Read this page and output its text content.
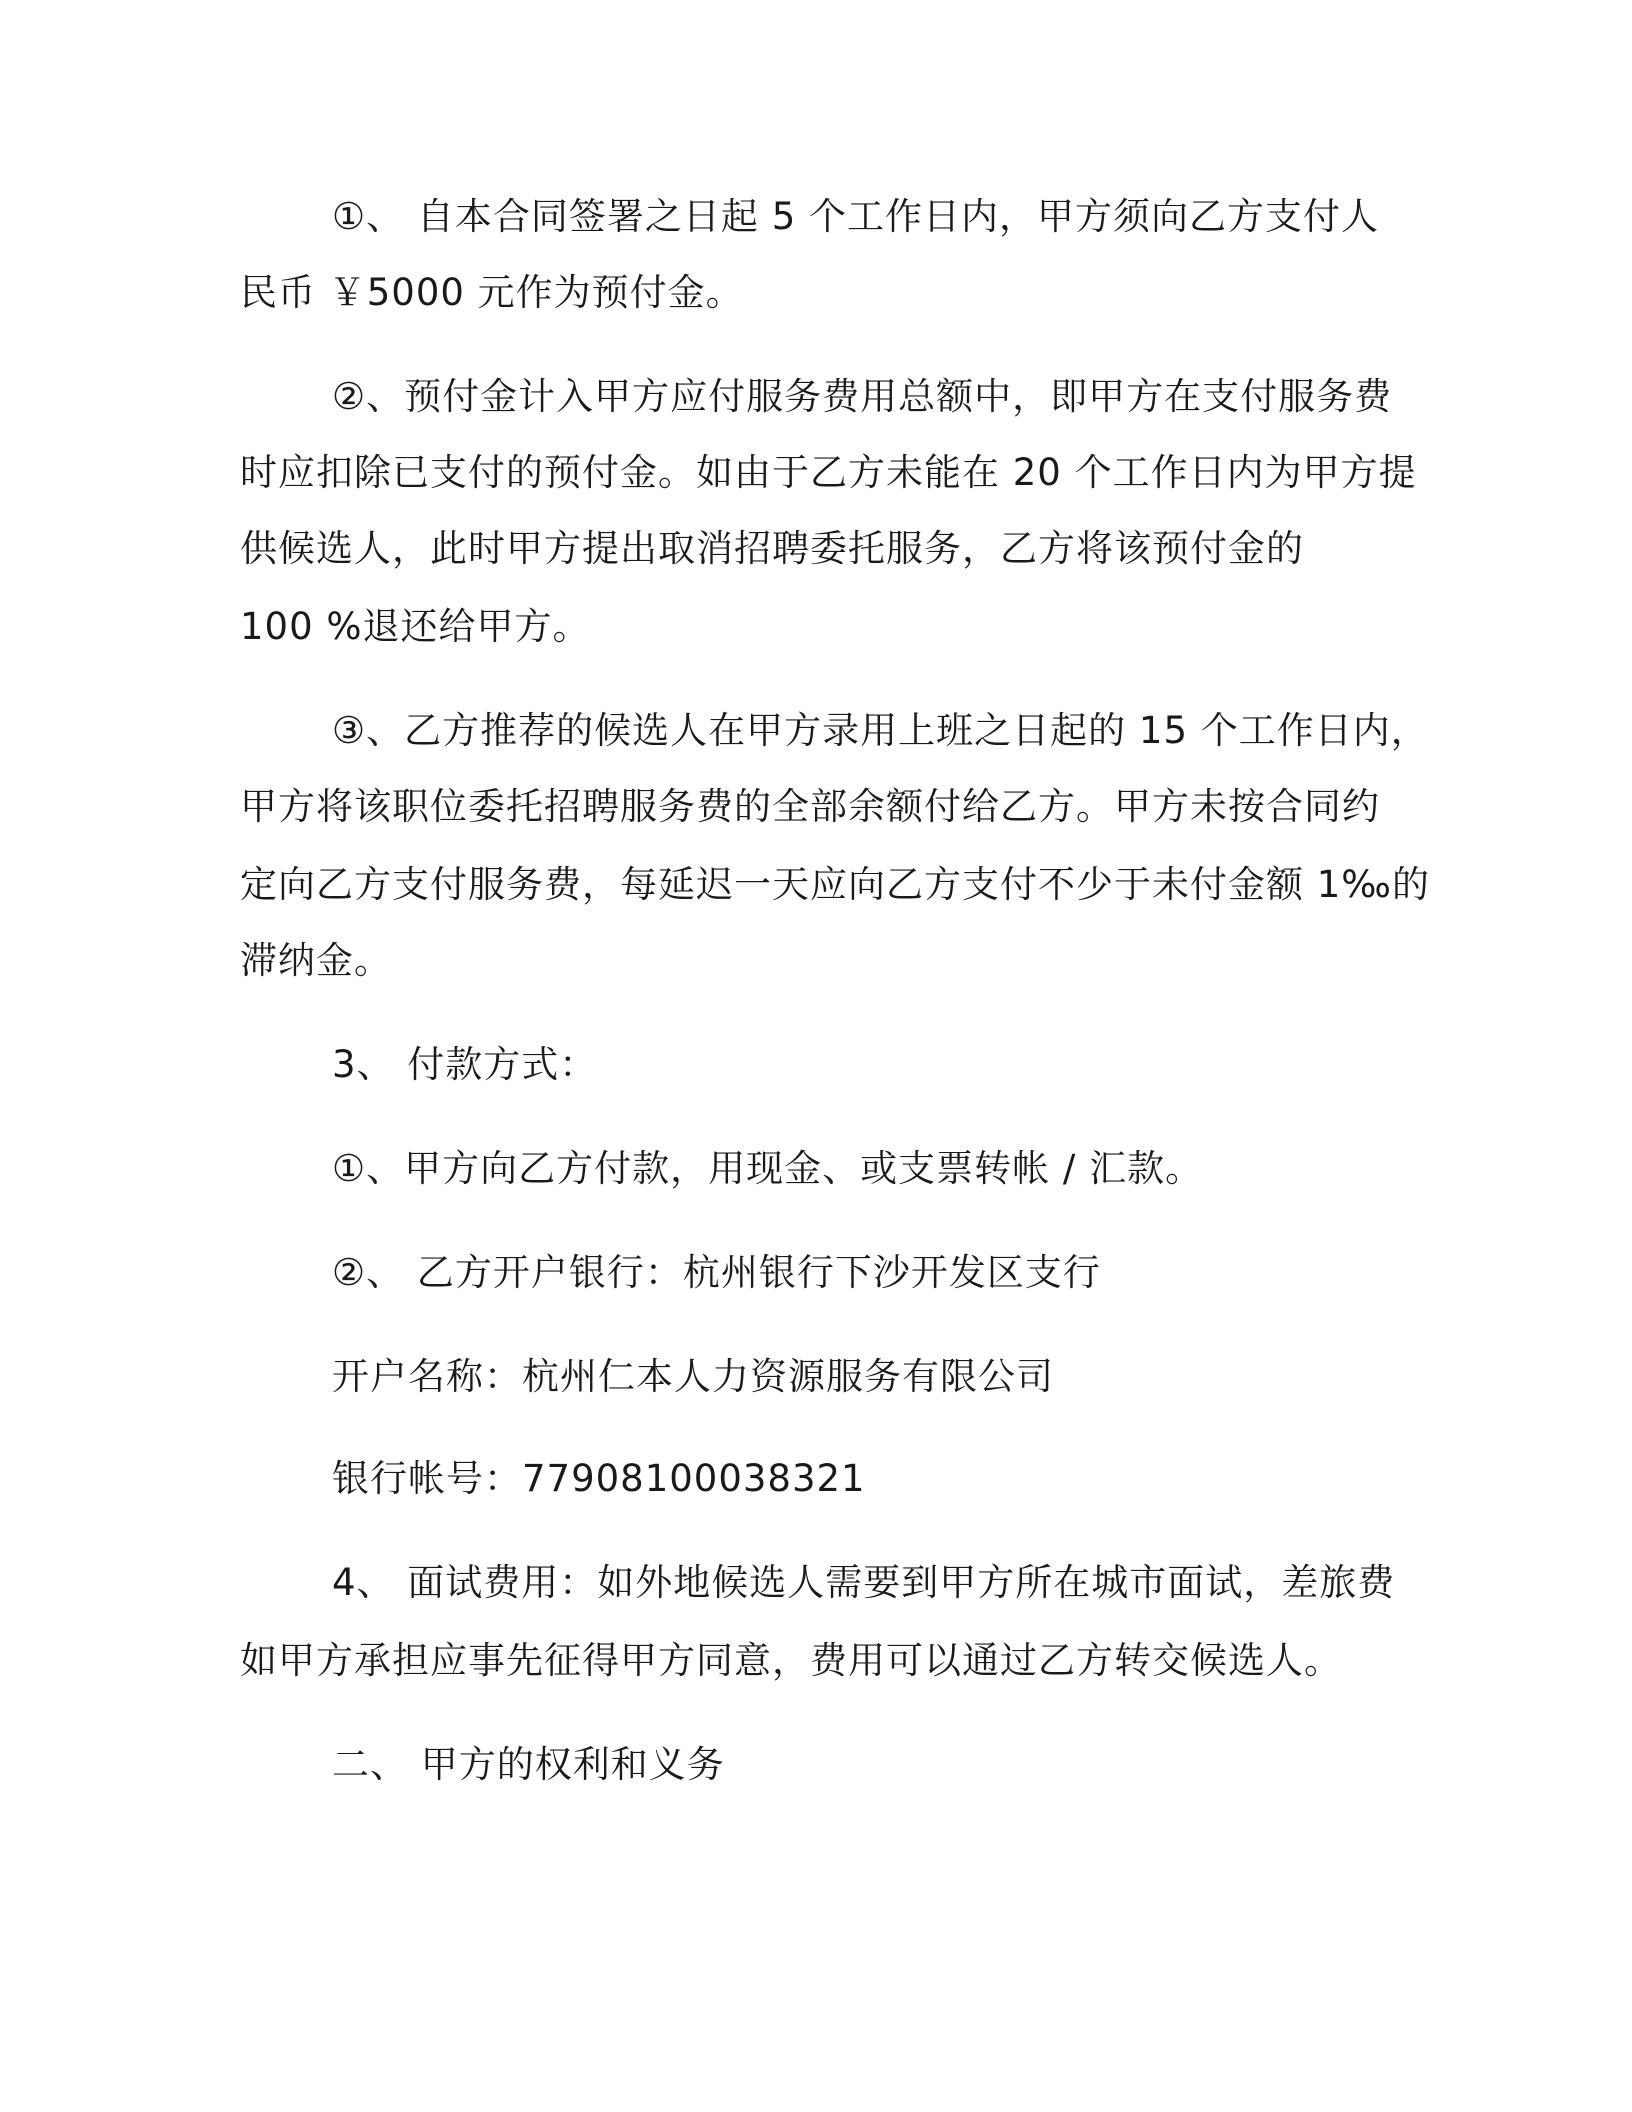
①、 自本合同签署之日起 5 个工作日内，甲方须向乙方支付人
民币 ￥5000 元作为预付金。
②、预付金计入甲方应付服务费用总额中，即甲方在支付服务费
时应扣除已支付的预付金。如由于乙方未能在 20 个工作日内为甲方提
供候选人，此时甲方提出取消招聘委托服务，乙方将该预付金的
100 %退还给甲方。
③、乙方推荐的候选人在甲方录用上班之日起的 15 个工作日内，
甲方将该职位委托招聘服务费的全部余额付给乙方。甲方未按合同约
定向乙方支付服务费，每延迟一天应向乙方支付不少于未付金额 1‰的
滞纳金。
3、 付款方式：
①、甲方向乙方付款，用现金、或支票转帐 / 汇款。
②、 乙方开户银行：杭州银行下沙开发区支行
开户名称：杭州仁本人力资源服务有限公司
银行帐号：77908100038321
4、 面试费用：如外地候选人需要到甲方所在城市面试，差旅费
如甲方承担应事先征得甲方同意，费用可以通过乙方转交候选人。
二、 甲方的权利和义务
